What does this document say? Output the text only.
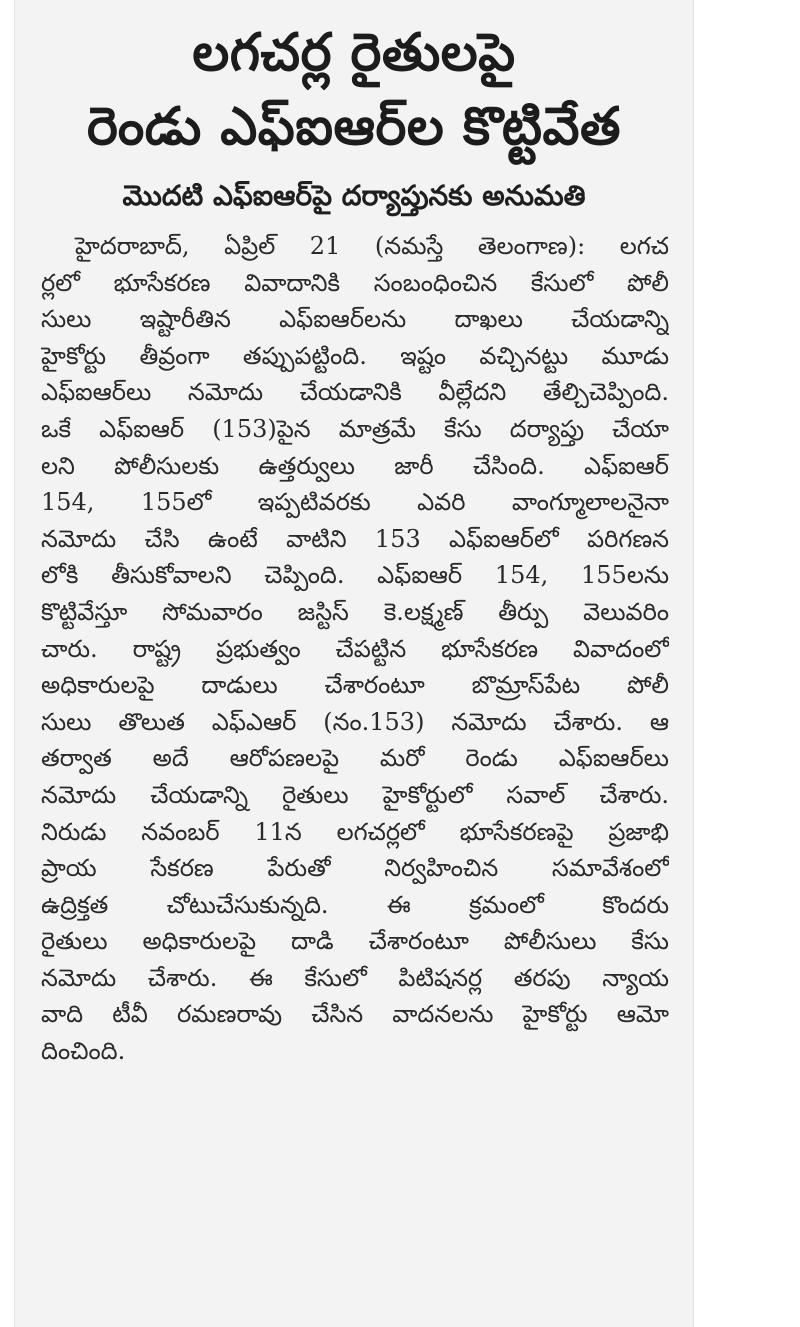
లగచర్ల రైతులపై
రెండు ఎఫ్‌ఐఆర్‌ల కొట్టివేత
మొదటి ఎఫ్‌ఐఆర్‌పై దర్యాప్తునకు అనుమతి
హైదరాబాద్‌, ఏప్రిల్‌ 21 (నమస్తే తెలంగాణ): లగచ
ర్లలో భూసేకరణ వివాదానికి సంబంధించిన కేసులో పోలీ
సులు ఇష్టారీతిన ఎఫ్‌ఐఆర్‌లను దాఖలు చేయడాన్ని
హైకోర్టు తీవ్రంగా తప్పుపట్టింది. ఇష్టం వచ్చినట్టు మూడు
ఎఫ్‌ఐఆర్‌లు నమోదు చేయడానికి వీల్లేదని తేల్చిచెప్పింది.
ఒకే ఎఫ్‌ఐఆర్‌ (153)పైన మాత్రమే కేసు దర్యాప్తు చేయా
లని పోలీసులకు ఉత్తర్వులు జారీ చేసింది. ఎఫ్‌ఐఆర్‌
154, 155లో ఇప్పటివరకు ఎవరి వాంగ్మూలాలనైనా
నమోదు చేసి ఉంటే వాటిని 153 ఎఫ్‌ఐఆర్‌లో పరిగణన
లోకి తీసుకోవాలని చెప్పింది. ఎఫ్‌ఐఆర్‌ 154, 155లను
కొట్టివేస్తూ సోమవారం జస్టిస్‌ కె.లక్ష్మణ్‌ తీర్పు వెలువరిం
చారు. రాష్ట్ర ప్రభుత్వం చేపట్టిన భూసేకరణ వివాదంలో
అధికారులపై దాడులు చేశారంటూ బొమ్రాస్‌పేట పోలీ
సులు తొలుత ఎఫ్‌ఎఆర్‌ (నం.153) నమోదు చేశారు. ఆ
తర్వాత అదే ఆరోపణలపై మరో రెండు ఎఫ్‌ఐఆర్‌లు
నమోదు చేయడాన్ని రైతులు హైకోర్టులో సవాల్‌ చేశారు.
నిరుడు నవంబర్‌ 11న లగచర్లలో భూసేకరణపై ప్రజాభి
ప్రాయ సేకరణ పేరుతో నిర్వహించిన సమావేశంలో
ఉద్రిక్తత చోటుచేసుకున్నది. ఈ క్రమంలో కొందరు
రైతులు అధికారులపై దాడి చేశారంటూ పోలీసులు కేసు
నమోదు చేశారు. ఈ కేసులో పిటిషనర్ల తరపు న్యాయ
వాది టీవీ రమణరావు చేసిన వాదనలను హైకోర్టు ఆమో
దించింది.
